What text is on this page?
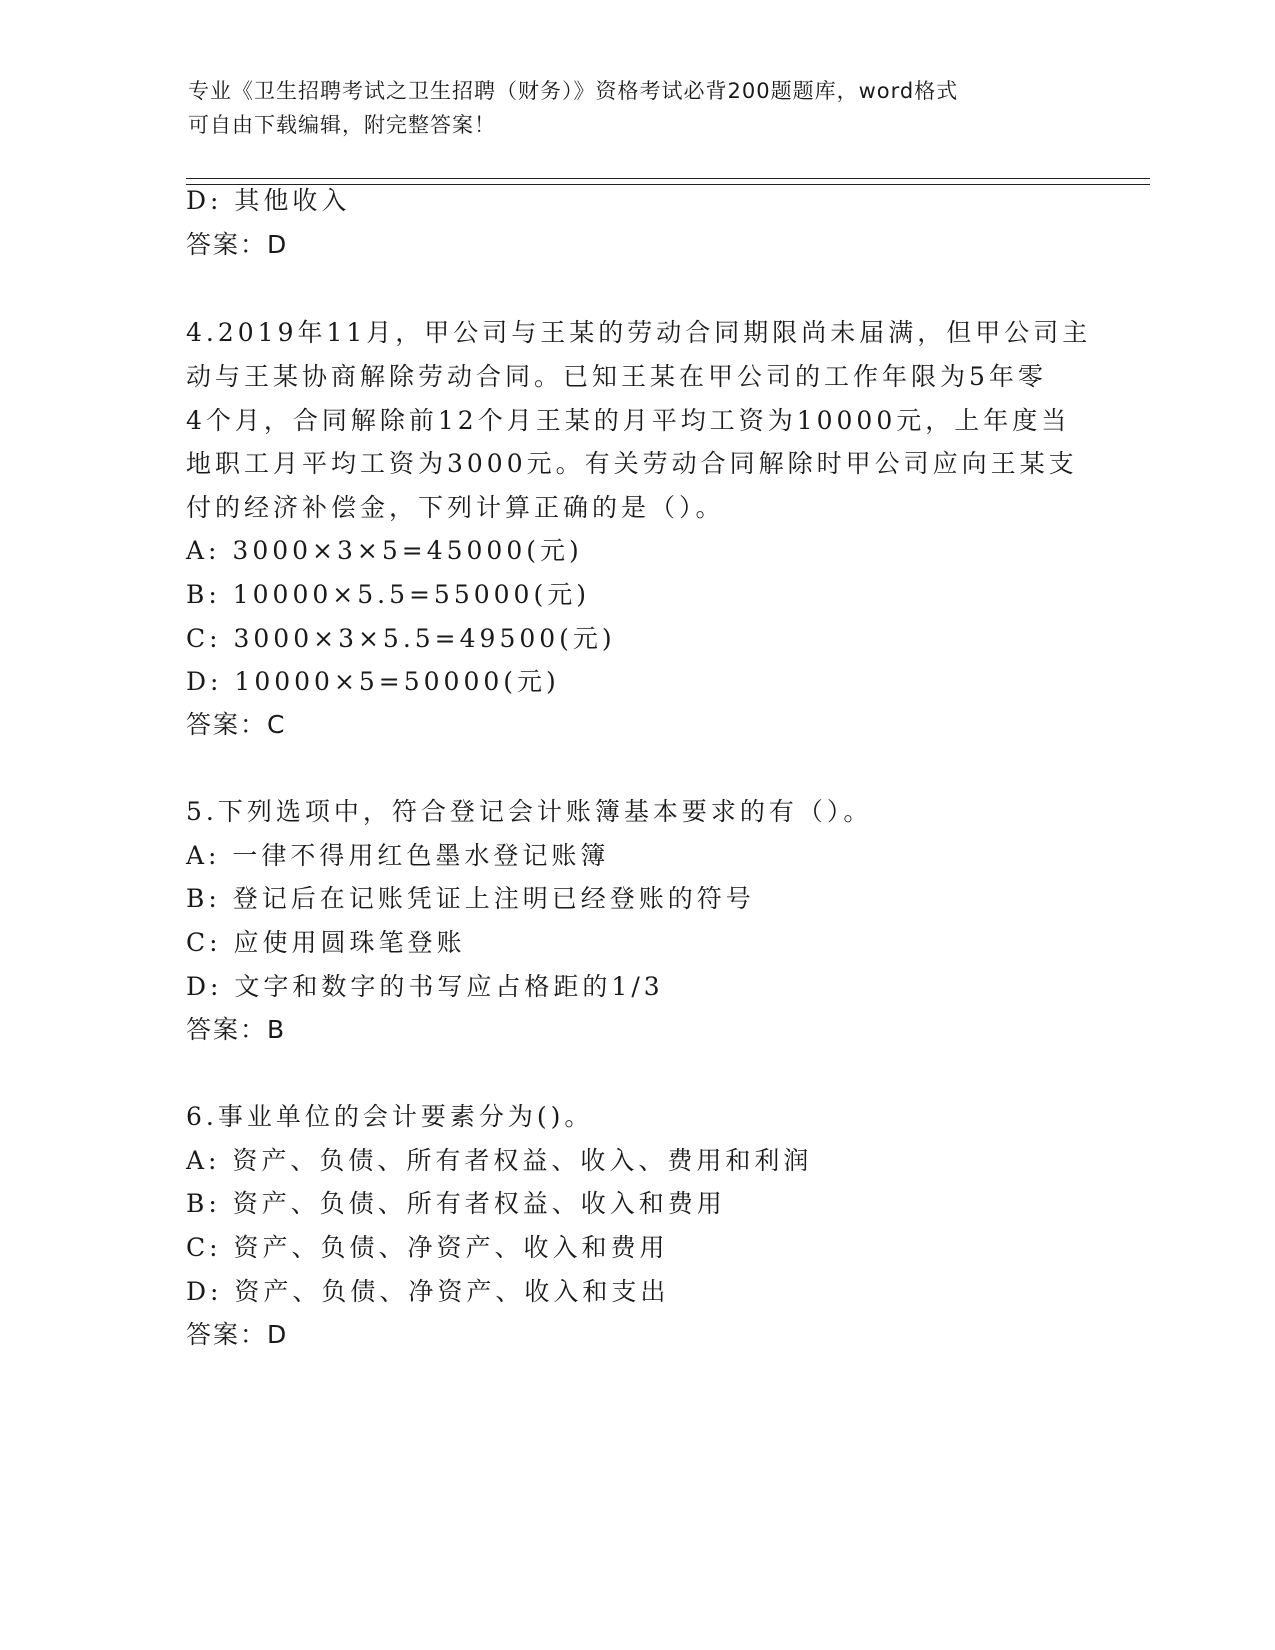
专业《卫生招聘考试之卫生招聘（财务）》资格考试必背200题题库，word格式
可自由下载编辑，附完整答案！
D: 其他收入
答案：D
4.2019年11月，甲公司与王某的劳动合同期限尚未届满，但甲公司主
动与王某协商解除劳动合同。已知王某在甲公司的工作年限为5年零
4个月，合同解除前12个月王某的月平均工资为10000元，上年度当
地职工月平均工资为3000元。有关劳动合同解除时甲公司应向王某支
付的经济补偿金，下列计算正确的是（）。
A: 3000×3×5=45000(元)
B: 10000×5.5=55000(元)
C: 3000×3×5.5=49500(元)
D: 10000×5=50000(元)
答案：C
5.下列选项中，符合登记会计账簿基本要求的有（）。
A: 一律不得用红色墨水登记账簿
B: 登记后在记账凭证上注明已经登账的符号
C: 应使用圆珠笔登账
D: 文字和数字的书写应占格距的1/3
答案：B
6.事业单位的会计要素分为()。
A: 资产、负债、所有者权益、收入、费用和利润
B: 资产、负债、所有者权益、收入和费用
C: 资产、负债、净资产、收入和费用
D: 资产、负债、净资产、收入和支出
答案：D
